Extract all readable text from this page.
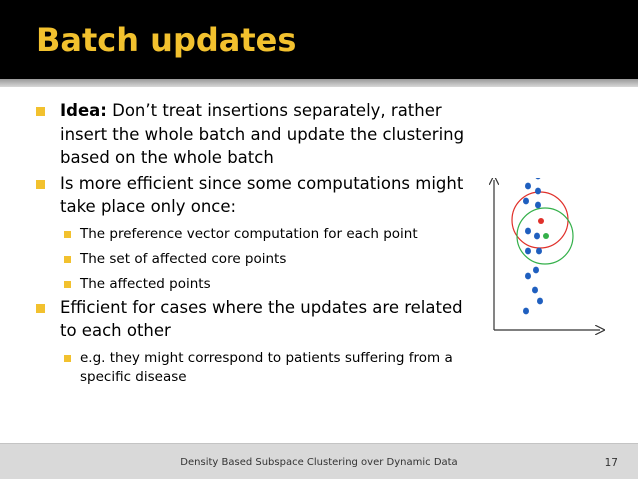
Batch updates
Idea: Don’t treat insertions separately, rather insert the whole batch and update the clustering based on the whole batch
Is more efficient since some computations might take place only once:
The preference vector computation for each point
The set of affected core points
The affected points
Efficient for cases where the updates are related to each other
e.g. they might correspond to patients suffering from a specific disease
Density Based Subspace Clustering over Dynamic Data	17
